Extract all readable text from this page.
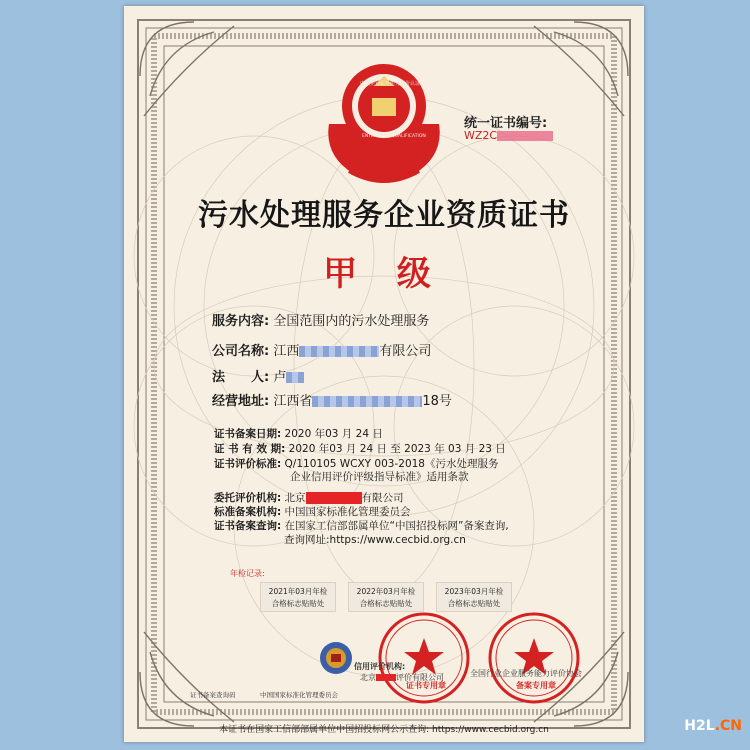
统一证书编号:
WZ2C
污水处理服务企业资质证书
甲 级
服务内容: 全国范围内的污水处理服务
公司名称: 江西	有限公司
法　　人: 卢
经营地址: 江西省	18号
证书备案日期: 2020 年03 月 24 日
证 书 有 效 期: 2020 年03 月 24 日 至 2023 年 03 月 23 日
证书评价标准: Q/110105 WCXY 003-2018《污水处理服务
企业信用评价评级指导标准》适用条款
委托评价机构: 北京	有限公司
标准备案机构: 中国国家标准化管理委员会
证书备案查询: 在国家工信部部属单位“中国招投标网”备案查询,
查询网址:https://www.cecbid.org.cn
年检记录:
2021年03月年检
合格标志贴贴处
2022年03月年检
合格标志贴贴处
2023年03月年检
合格标志贴贴处
信用评价机构:
北京	评价有限公司
证书专用章
全国行业企业服务能力评价协会
备案专用章
中国企业服务能力评价认证
ENTERPRISE QUALIFICATION
证书备案查询码	中国国家标准化管理委员会
本证书在国家工信部部属单位中国招投标网公示查询: https://www.cecbid.org.cn	H2L.CN
